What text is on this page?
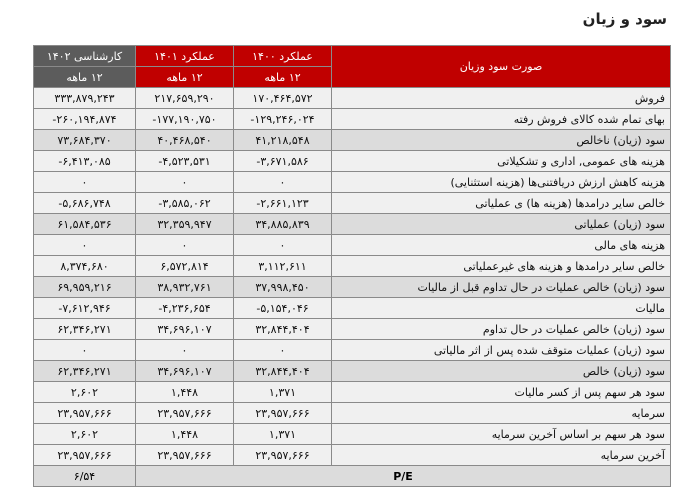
سود و زیان
صورت سود وزیان	عملکرد ۱۴۰۰	عملکرد ۱۴۰۱	کارشناسی ۱۴۰۲
	۱۲ ماهه	۱۲ ماهه	۱۲ ماهه
فروش	۱۷۰,۴۶۴,۵۷۲	۲۱۷,۶۵۹,۲۹۰	۳۳۳,۸۷۹,۲۴۳
بهای تمام شده کالای فروش رفته	۱۲۹,۲۴۶,۰۲۴-	۱۷۷,۱۹۰,۷۵۰-	۲۶۰,۱۹۴,۸۷۴-
سود (زیان) ناخالص	۴۱,۲۱۸,۵۴۸	۴۰,۴۶۸,۵۴۰	۷۳,۶۸۴,۳۷۰
هزینه های عمومی, اداری و تشکیلاتی	۳,۶۷۱,۵۸۶-	۴,۵۲۳,۵۳۱-	۶,۴۱۳,۰۸۵-
هزینه کاهش ارزش دریافتنی‌ها (هزینه استثنایی)	۰	۰	۰
خالص سایر درامدها (هزینه ها) ی عملیاتی	۲,۶۶۱,۱۲۳-	۳,۵۸۵,۰۶۲-	۵,۶۸۶,۷۴۸-
سود (زیان) عملیاتی	۳۴,۸۸۵,۸۳۹	۳۲,۳۵۹,۹۴۷	۶۱,۵۸۴,۵۳۶
هزینه های مالی	۰	۰	۰
خالص سایر درامدها و هزینه های غیرعملیاتی	۳,۱۱۲,۶۱۱	۶,۵۷۲,۸۱۴	۸,۳۷۴,۶۸۰
سود (زیان) خالص عملیات در حال تداوم قبل از مالیات	۳۷,۹۹۸,۴۵۰	۳۸,۹۳۲,۷۶۱	۶۹,۹۵۹,۲۱۶
مالیات	۵,۱۵۴,۰۴۶-	۴,۲۳۶,۶۵۴-	۷,۶۱۲,۹۴۶-
سود (زیان) خالص عملیات در حال تداوم	۳۲,۸۴۴,۴۰۴	۳۴,۶۹۶,۱۰۷	۶۲,۳۴۶,۲۷۱
سود (زیان) عملیات متوقف شده پس از اثر مالیاتی	۰	۰	۰
سود (زیان) خالص	۳۲,۸۴۴,۴۰۴	۳۴,۶۹۶,۱۰۷	۶۲,۳۴۶,۲۷۱
سود هر سهم پس از کسر مالیات	۱,۳۷۱	۱,۴۴۸	۲,۶۰۲
سرمایه	۲۳,۹۵۷,۶۶۶	۲۳,۹۵۷,۶۶۶	۲۳,۹۵۷,۶۶۶
سود هر سهم بر اساس آخرین سرمایه	۱,۳۷۱	۱,۴۴۸	۲,۶۰۲
آخرین سرمایه	۲۳,۹۵۷,۶۶۶	۲۳,۹۵۷,۶۶۶	۲۳,۹۵۷,۶۶۶
P/E			۶/۵۴
